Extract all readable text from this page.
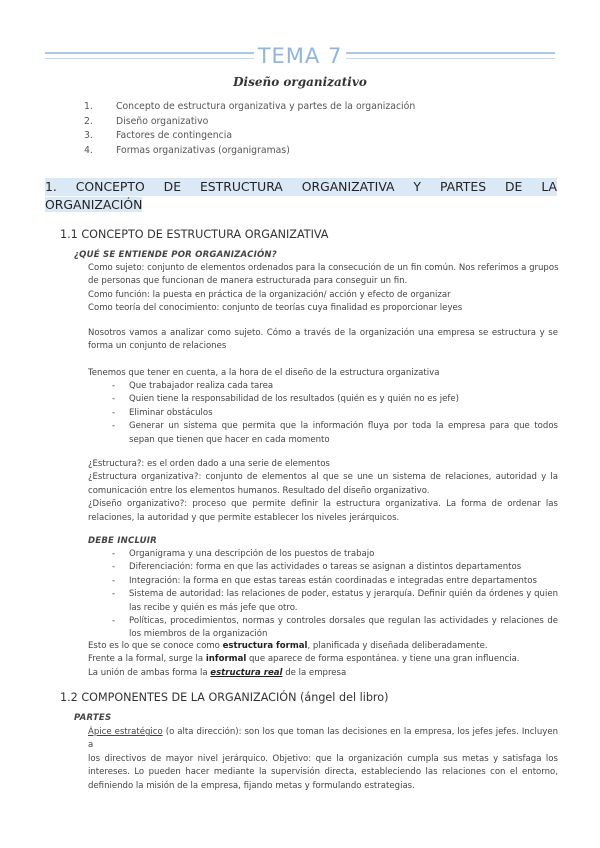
TEMA 7
Diseño organizativo
1. Concepto de estructura organizativa y partes de la organización
2. Diseño organizativo
3. Factores de contingencia
4. Formas organizativas (organigramas)
1. CONCEPTO DE ESTRUCTURA ORGANIZATIVA Y PARTES DE LA
ORGANIZACIÓN
1.1 CONCEPTO DE ESTRUCTURA ORGANIZATIVA
¿QUÉ SE ENTIENDE POR ORGANIZACIÓN?
Como sujeto: conjunto de elementos ordenados para la consecución de un fin común. Nos referimos a grupos
de personas que funcionan de manera estructurada para conseguir un fin.
Como función: la puesta en práctica de la organización/ acción y efecto de organizar
Como teoría del conocimiento: conjunto de teorías cuya finalidad es proporcionar leyes
Nosotros vamos a analizar como sujeto. Cómo a través de la organización una empresa se estructura y se
forma un conjunto de relaciones
Tenemos que tener en cuenta, a la hora de el diseño de la estructura organizativa
- Que trabajador realiza cada tarea
- Quien tiene la responsabilidad de los resultados (quién es y quién no es jefe)
- Eliminar obstáculos
- Generar un sistema que permita que la información fluya por toda la empresa para que todos
sepan que tienen que hacer en cada momento
¿Estructura?: es el orden dado a una serie de elementos
¿Estructura organizativa?: conjunto de elementos al que se une un sistema de relaciones, autoridad y la
comunicación entre los elementos humanos. Resultado del diseño organizativo.
¿Diseño organizativo?: proceso que permite definir la estructura organizativa. La forma de ordenar las
relaciones, la autoridad y que permite establecer los niveles jerárquicos.
DEBE INCLUIR
- Organigrama y una descripción de los puestos de trabajo
- Diferenciación: forma en que las actividades o tareas se asignan a distintos departamentos
- Integración: la forma en que estas tareas están coordinadas e integradas entre departamentos
- Sistema de autoridad: las relaciones de poder, estatus y jerarquía. Definir quién da órdenes y quien
las recibe y quién es más jefe que otro.
- Políticas, procedimientos, normas y controles dorsales que regulan las actividades y relaciones de
los miembros de la organización
Esto es lo que se conoce como estructura formal, planificada y diseñada deliberadamente.
Frente a la formal, surge la informal que aparece de forma espontánea. y tiene una gran influencia.
La unión de ambas forma la estructura real de la empresa
1.2 COMPONENTES DE LA ORGANIZACIÓN (ángel del libro)
PARTES
Ápice estratégico (o alta dirección): son los que toman las decisiones en la empresa, los jefes jefes. Incluyen a
los directivos de mayor nivel jerárquico. Objetivo: que la organización cumpla sus metas y satisfaga los
intereses. Lo pueden hacer mediante la supervisión directa, estableciendo las relaciones con el entorno,
definiendo la misión de la empresa, fijando metas y formulando estrategias.
